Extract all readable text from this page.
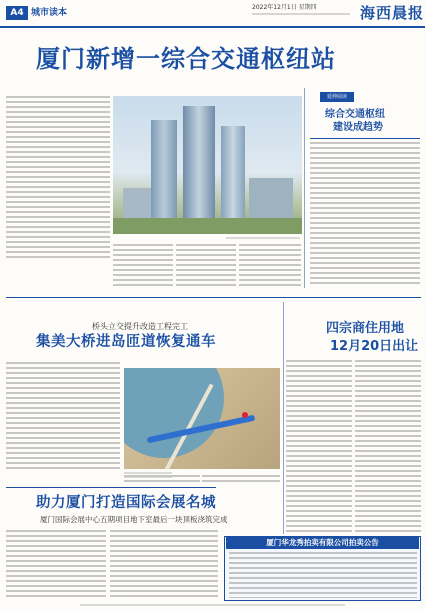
A4 城市读本
2022年12月1日 星期四	海西晨报
厦门新增一综合交通枢纽站
延伸阅读
综合交通枢纽
建设成趋势
桥头立交提升改造工程完工
集美大桥进岛匝道恢复通车
助力厦门打造国际会展名城
厦门国际会展中心五期项目地下室最后一块顶板浇筑完成
四宗商住用地
12月20日出让
厦门华龙秀拍卖有限公司拍卖公告
